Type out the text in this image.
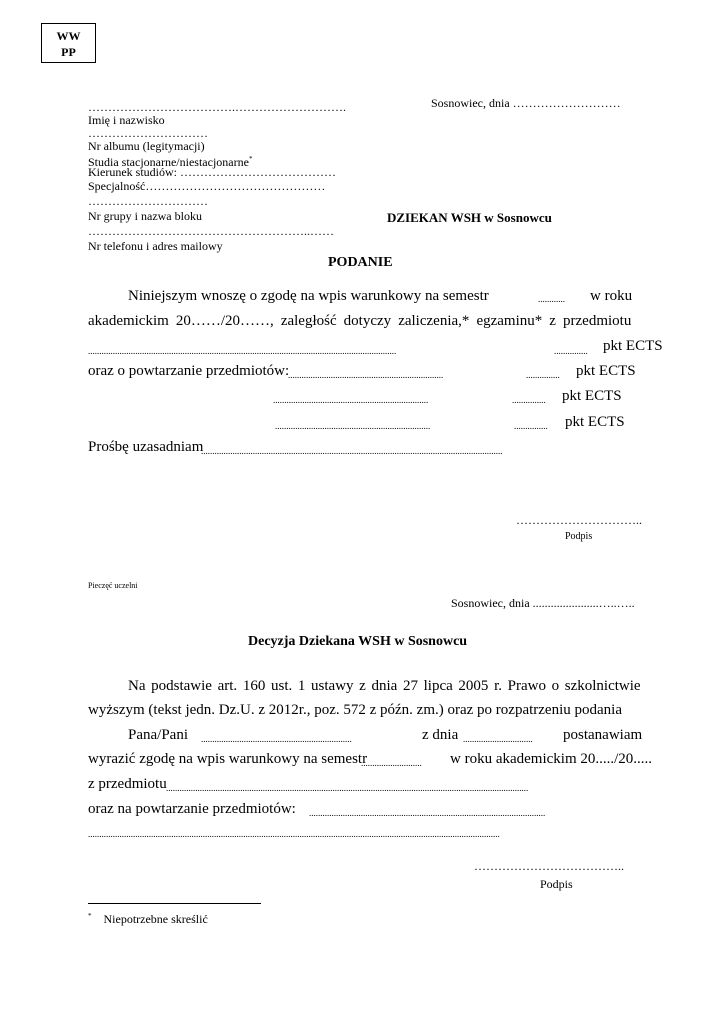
WW
PP
……………………………….……………………….
Imię i nazwisko
…………………………
Nr albumu (legitymacji)
Studia stacjonarne/niestacjonarne*
Kierunek studiów: …………………………………
Specjalność………………………………………
…………………………
Nr grupy i nazwa bloku
………………………………………………..……
Nr telefonu i adres mailowy
Sosnowiec, dnia ………………………
DZIEKAN WSH w Sosnowcu
PODANIE
Niniejszym wnoszę o zgodę na wpis warunkowy na semestr	............ w roku
akademickim 20……/20……, zaległość dotyczy zaliczenia,* egzaminu* z przedmiotu
.........................................................................................................................................	............... pkt ECTS
oraz o powtarzanie przedmiotów:
.....................................................................	............... pkt ECTS
.....................................................................	............... pkt ECTS
.....................................................................	............... pkt ECTS
Prośbę uzasadniam
......................................................................................................................................
…………………………..
Podpis
Pieczęć uczelni
Sosnowiec, dnia ......................…..…..
Decyzja Dziekana WSH w Sosnowcu
Na podstawie art. 160 ust. 1 ustawy z dnia 27 lipca 2005 r. Prawo o szkolnictwie
wyższym (tekst jedn. Dz.U. z 2012r., poz. 572 z późn. zm.) oraz po rozpatrzeniu podania
Pana/Pani ...................................................................	z dnia ............................... postanawiam
wyrazić zgodę na wpis warunkowy na semestr
........................... w roku akademickim 20...../20.....
z przedmiotu .................................................................................................................................................................
oraz na powtarzanie przedmiotów: .........................................................................................................
.......................................................................................................................................................................................
………………………………..
Podpis
* Niepotrzebne skreślić
